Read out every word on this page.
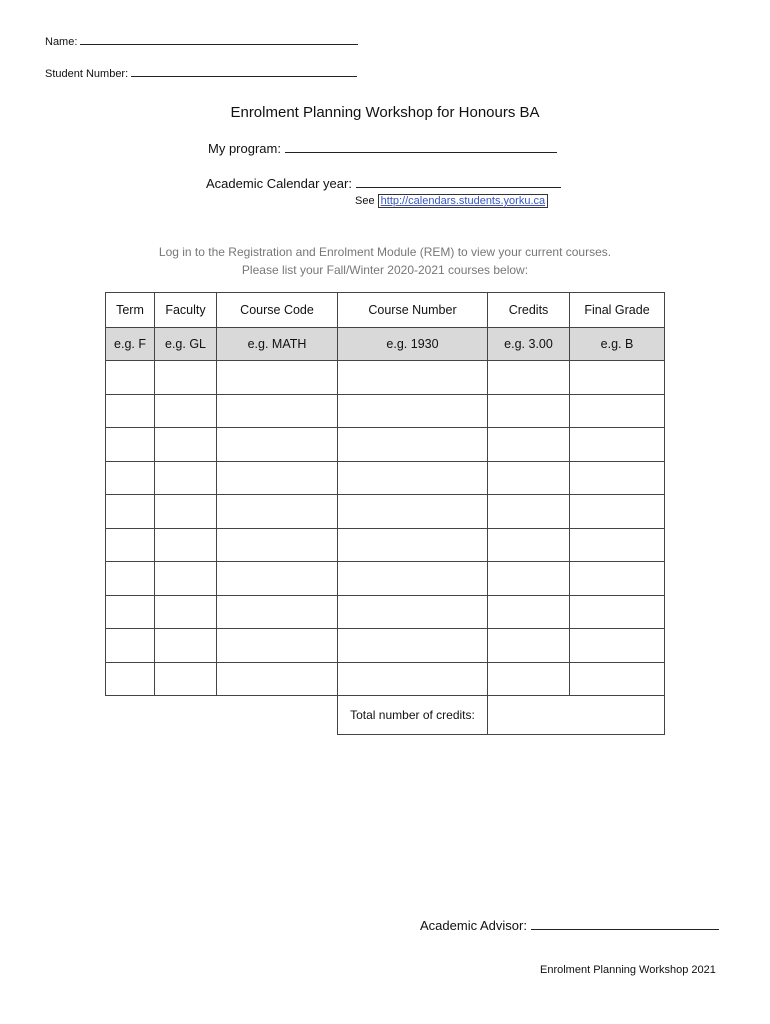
Name:
Student Number:
Enrolment Planning Workshop for Honours BA
My program:
Academic Calendar year:
See http://calendars.students.yorku.ca
Log in to the Registration and Enrolment Module (REM) to view your current courses.
Please list your Fall/Winter 2020-2021 courses below:
Term	Faculty	Course Code	Course Number	Credits	Final Grade
e.g. F	e.g. GL	e.g. MATH	e.g. 1930	e.g. 3.00	e.g. B

			Total number of credits:		
Academic Advisor:
Enrolment Planning Workshop 2021
